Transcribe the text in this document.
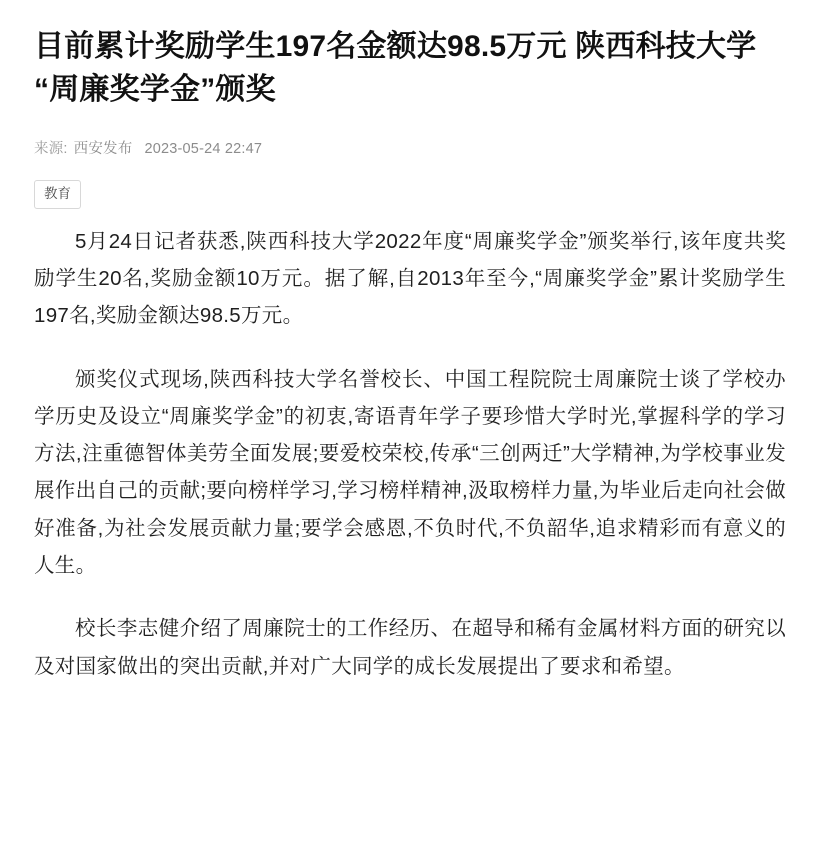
目前累计奖励学生197名金额达98.5万元 陕西科技大学“周廉奖学金”颁奖
来源: 西安发布 2023-05-24 22:47
教育

5月24日记者获悉,陕西科技大学2022年度“周廉奖学金”颁奖举行,该年度共奖励学生20名,奖励金额10万元。据了解,自2013年至今,“周廉奖学金”累计奖励学生197名,奖励金额达98.5万元。

颁奖仪式现场,陕西科技大学名誉校长、中国工程院院士周廉院士谈了学校办学历史及设立“周廉奖学金”的初衷,寄语青年学子要珍惜大学时光,掌握科学的学习方法,注重德智体美劳全面发展;要爱校荣校,传承“三创两迁”大学精神,为学校事业发展作出自己的贡献;要向榜样学习,学习榜样精神,汲取榜样力量,为毕业后走向社会做好准备,为社会发展贡献力量;要学会感恩,不负时代,不负韶华,追求精彩而有意义的人生。

校长李志健介绍了周廉院士的工作经历、在超导和稀有金属材料方面的研究以及对国家做出的突出贡献,并对广大同学的成长发展提出了要求和希望。
